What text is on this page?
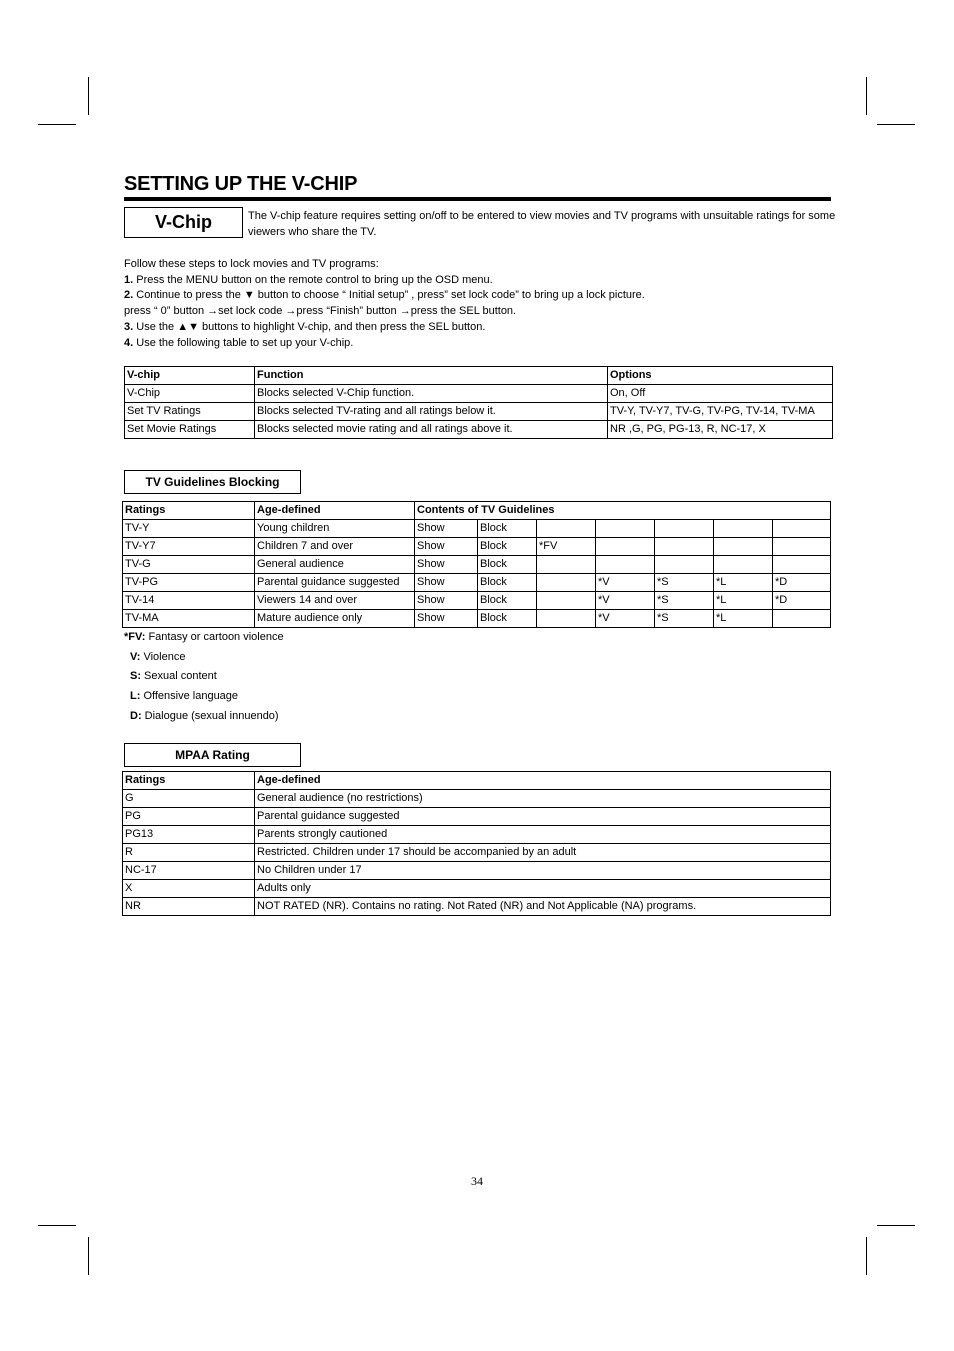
SETTING UP THE V-CHIP
V-Chip	The V-chip feature requires setting on/off to be entered to view movies and TV programs with unsuitable ratings for some viewers who share the TV.
Follow these steps to lock movies and TV programs:
1. Press the MENU button on the remote control to bring up the OSD menu.
2. Continue to press the ▼ button to choose “ Initial setup” , press” set lock code” to bring up a lock picture.
press “ 0” button →set lock code →press “Finish” button →press the SEL button.
3. Use the ▲▼ buttons to highlight V-chip, and then press the SEL button.
4. Use the following table to set up your V-chip.
V-chip	Function	Options
V-Chip	Blocks selected V-Chip function.	On, Off
Set TV Ratings	Blocks selected TV-rating and all ratings below it.	TV-Y, TV-Y7, TV-G, TV-PG, TV-14, TV-MA
Set Movie Ratings	Blocks selected movie rating and all ratings above it.	NR ,G, PG, PG-13, R, NC-17, X
TV Guidelines Blocking
Ratings	Age-defined	Contents of TV Guidelines						
TV-Y	Young children	Show	Block					
TV-Y7	Children 7 and over	Show	Block	*FV				
TV-G	General audience	Show	Block					
TV-PG	Parental guidance suggested	Show	Block		*V	*S	*L	*D
TV-14	Viewers 14 and over	Show	Block		*V	*S	*L	*D
TV-MA	Mature audience only	Show	Block		*V	*S	*L	
*FV: Fantasy or cartoon violence
V: Violence
S: Sexual content
L: Offensive language
D: Dialogue (sexual innuendo)
MPAA Rating
Ratings	Age-defined
G	General audience (no restrictions)
PG	Parental guidance suggested
PG13	Parents strongly cautioned
R	Restricted. Children under 17 should be accompanied by an adult
NC-17	No Children under 17
X	Adults only
NR	NOT RATED (NR). Contains no rating. Not Rated (NR) and Not Applicable (NA) programs.
34
